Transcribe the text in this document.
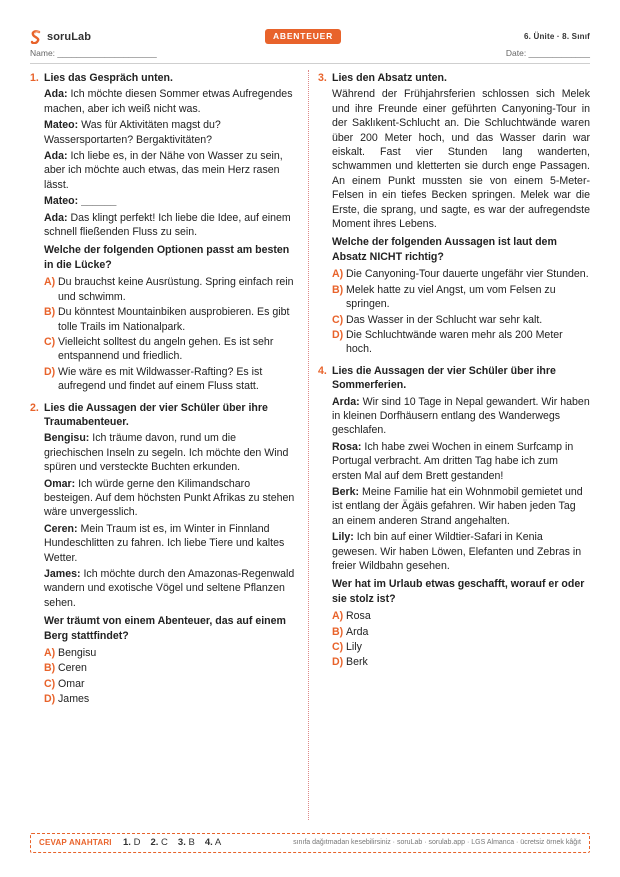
soruLab	ABENTEUER	6. Ünite · 8. Sınıf
Name: _____________________	Date: _____________
1. Lies das Gespräch unten.
Ada: Ich möchte diesen Sommer etwas Aufregendes machen, aber ich weiß nicht was.
Mateo: Was für Aktivitäten magst du? Wassersportarten? Bergaktivitäten?
Ada: Ich liebe es, in der Nähe von Wasser zu sein, aber ich möchte auch etwas, das mein Herz rasen lässt.
Mateo: ______
Ada: Das klingt perfekt! Ich liebe die Idee, auf einem schnell fließenden Fluss zu sein.
Welche der folgenden Optionen passt am besten in die Lücke?
A) Du brauchst keine Ausrüstung. Spring einfach rein und schwimm.
B) Du könntest Mountainbiken ausprobieren. Es gibt tolle Trails im Nationalpark.
C) Vielleicht solltest du angeln gehen. Es ist sehr entspannend und friedlich.
D) Wie wäre es mit Wildwasser-Rafting? Es ist aufregend und findet auf einem Fluss statt.
2. Lies die Aussagen der vier Schüler über ihre Traumabenteuer.
Bengisu: Ich träume davon, rund um die griechischen Inseln zu segeln. Ich möchte den Wind spüren und versteckte Buchten erkunden.
Omar: Ich würde gerne den Kilimandscharo besteigen. Auf dem höchsten Punkt Afrikas zu stehen wäre unvergesslich.
Ceren: Mein Traum ist es, im Winter in Finnland Hundeschlitten zu fahren. Ich liebe Tiere und kaltes Wetter.
James: Ich möchte durch den Amazonas-Regenwald wandern und exotische Vögel und seltene Pflanzen sehen.
Wer träumt von einem Abenteuer, das auf einem Berg stattfindet?
A) Bengisu
B) Ceren
C) Omar
D) James
3. Lies den Absatz unten.
Während der Frühjahrsferien schlossen sich Melek und ihre Freunde einer geführten Canyoning-Tour in der Saklıkent-Schlucht an. Die Schluchtwände waren über 200 Meter hoch, und das Wasser darin war eiskalt. Fast vier Stunden lang wanderten, schwammen und kletterten sie durch enge Passagen. An einem Punkt mussten sie von einem 5-Meter-Felsen in ein tiefes Becken springen. Melek war die Erste, die sprang, und sagte, es war der aufregendste Moment ihres Lebens.
Welche der folgenden Aussagen ist laut dem Absatz NICHT richtig?
A) Die Canyoning-Tour dauerte ungefähr vier Stunden.
B) Melek hatte zu viel Angst, um vom Felsen zu springen.
C) Das Wasser in der Schlucht war sehr kalt.
D) Die Schluchtwände waren mehr als 200 Meter hoch.
4. Lies die Aussagen der vier Schüler über ihre Sommerferien.
Arda: Wir sind 10 Tage in Nepal gewandert. Wir haben in kleinen Dorfhäusern entlang des Wanderwegs geschlafen.
Rosa: Ich habe zwei Wochen in einem Surfcamp in Portugal verbracht. Am dritten Tag habe ich zum ersten Mal auf dem Brett gestanden!
Berk: Meine Familie hat ein Wohnmobil gemietet und ist entlang der Ägäis gefahren. Wir haben jeden Tag an einem anderen Strand angehalten.
Lily: Ich bin auf einer Wildtier-Safari in Kenia gewesen. Wir haben Löwen, Elefanten und Zebras in freier Wildbahn gesehen.
Wer hat im Urlaub etwas geschafft, worauf er oder sie stolz ist?
A) Rosa
B) Arda
C) Lily
D) Berk
CEVAP ANAHTARI 1. D 2. C 3. B 4. A	sınıfa dağıtmadan kesebilirsiniz · soruLab · sorulab.app · LGS Almanca · ücretsiz örnek kâğıt
